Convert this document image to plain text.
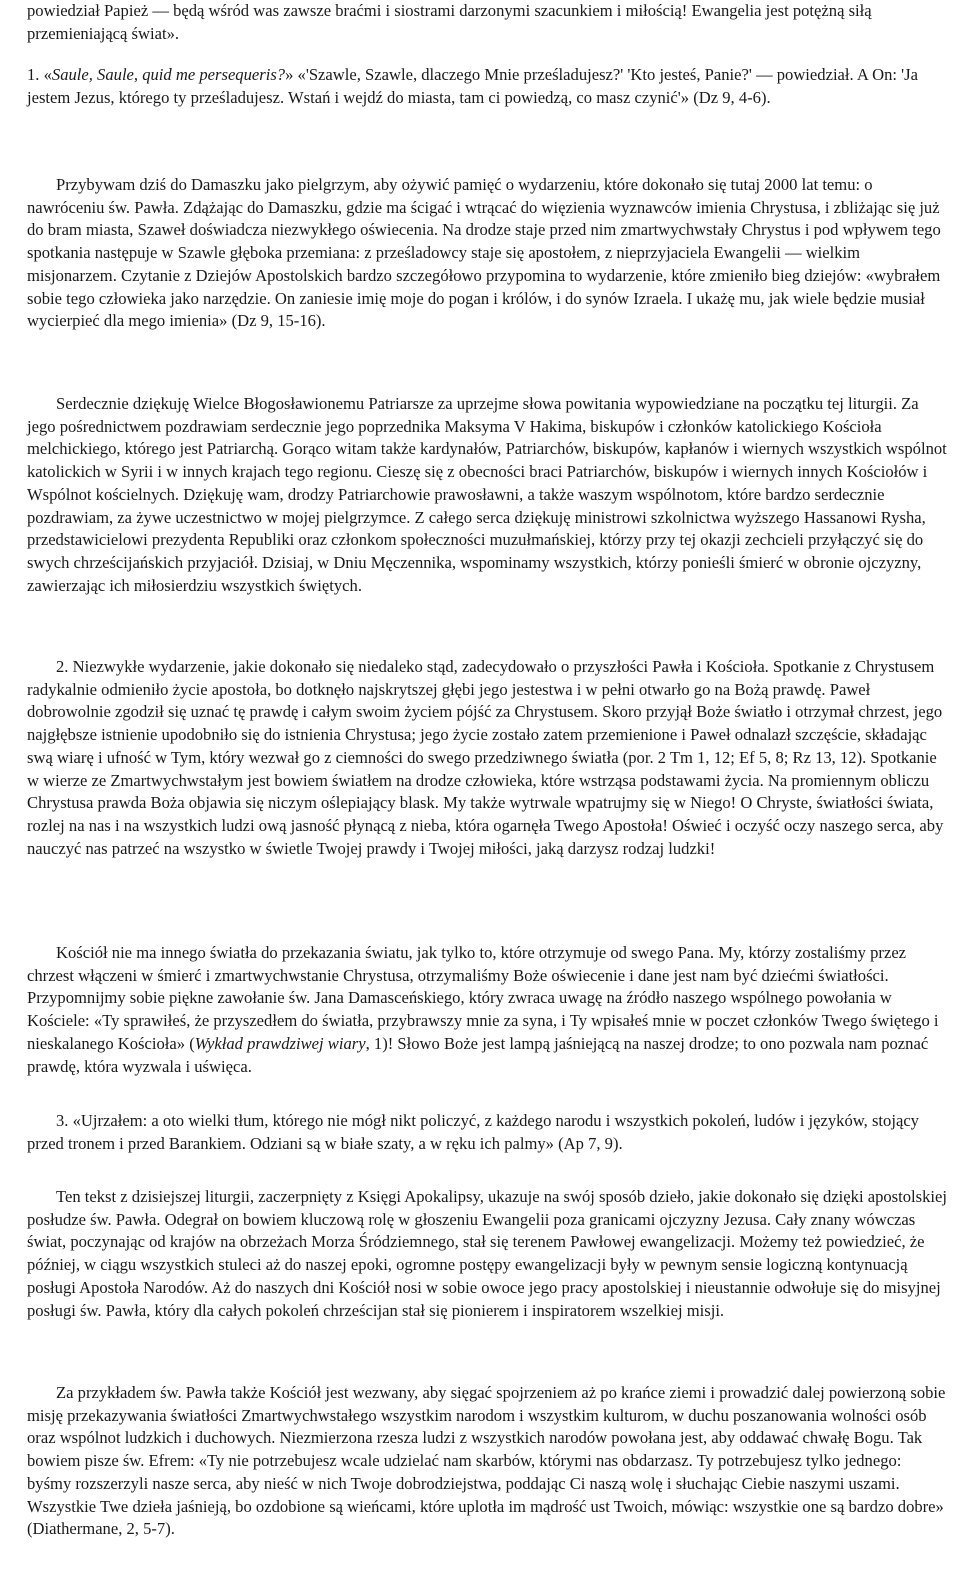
powiedział Papież — będą wśród was zawsze braćmi i siostrami darzonymi szacunkiem i miłością! Ewangelia jest potężną siłą przemieniającą świat».

1. «Saule, Saule, quid me persequeris?» «'Szawle, Szawle, dlaczego Mnie prześladujesz?' 'Kto jesteś, Panie?' — powiedział. A On: 'Ja jestem Jezus, którego ty prześladujesz. Wstań i wejdź do miasta, tam ci powiedzą, co masz czynić'» (Dz 9, 4-6).

Przybywam dziś do Damaszku jako pielgrzym, aby ożywić pamięć o wydarzeniu, które dokonało się tutaj 2000 lat temu: o nawróceniu św. Pawła. Zdążając do Damaszku, gdzie ma ścigać i wtrącać do więzienia wyznawców imienia Chrystusa, i zbliżając się już do bram miasta, Szaweł doświadcza niezwykłego oświecenia. Na drodze staje przed nim zmartwychwstały Chrystus i pod wpływem tego spotkania następuje w Szawle głęboka przemiana: z prześladowcy staje się apostołem, z nieprzyjaciela Ewangelii — wielkim misjonarzem. Czytanie z Dziejów Apostolskich bardzo szczegółowo przypomina to wydarzenie, które zmieniło bieg dziejów: «wybrałem sobie tego człowieka jako narzędzie. On zaniesie imię moje do pogan i królów, i do synów Izraela. I ukażę mu, jak wiele będzie musiał wycierpieć dla mego imienia» (Dz 9, 15-16).

Serdecznie dziękuję Wielce Błogosławionemu Patriarsze za uprzejme słowa powitania wypowiedziane na początku tej liturgii. Za jego pośrednictwem pozdrawiam serdecznie jego poprzednika Maksyma V Hakima, biskupów i członków katolickiego Kościoła melchickiego, którego jest Patriarchą. Gorąco witam także kardynałów, Patriarchów, biskupów, kapłanów i wiernych wszystkich wspólnot katolickich w Syrii i w innych krajach tego regionu. Cieszę się z obecności braci Patriarchów, biskupów i wiernych innych Kościołów i Wspólnot kościelnych. Dziękuję wam, drodzy Patriarchowie prawosławni, a także waszym wspólnotom, które bardzo serdecznie pozdrawiam, za żywe uczestnictwo w mojej pielgrzymce. Z całego serca dziękuję ministrowi szkolnictwa wyższego Hassanowi Rysha, przedstawicielowi prezydenta Republiki oraz członkom społeczności muzułmańskiej, którzy przy tej okazji zechcieli przyłączyć się do swych chrześcijańskich przyjaciół. Dzisiaj, w Dniu Męczennika, wspominamy wszystkich, którzy ponieśli śmierć w obronie ojczyzny, zawierzając ich miłosierdziu wszystkich świętych.

2. Niezwykłe wydarzenie, jakie dokonało się niedaleko stąd, zadecydowało o przyszłości Pawła i Kościoła. Spotkanie z Chrystusem radykalnie odmieniło życie apostoła, bo dotknęło najskrytszej głębi jego jestestwa i w pełni otwarło go na Bożą prawdę. Paweł dobrowolnie zgodził się uznać tę prawdę i całym swoim życiem pójść za Chrystusem. Skoro przyjął Boże światło i otrzymał chrzest, jego najgłębsze istnienie upodobniło się do istnienia Chrystusa; jego życie zostało zatem przemienione i Paweł odnalazł szczęście, składając swą wiarę i ufność w Tym, który wezwał go z ciemności do swego przedziwnego światła (por. 2 Tm 1, 12; Ef 5, 8; Rz 13, 12). Spotkanie w wierze ze Zmartwychwstałym jest bowiem światłem na drodze człowieka, które wstrząsa podstawami życia. Na promiennym obliczu Chrystusa prawda Boża objawia się niczym oślepiający blask. My także wytrwale wpatrujmy się w Niego! O Chryste, światłości świata, rozlej na nas i na wszystkich ludzi ową jasność płynącą z nieba, która ogarnęła Twego Apostoła! Oświeć i oczyść oczy naszego serca, aby nauczyć nas patrzeć na wszystko w świetle Twojej prawdy i Twojej miłości, jaką darzysz rodzaj ludzki!

Kościół nie ma innego światła do przekazania światu, jak tylko to, które otrzymuje od swego Pana. My, którzy zostaliśmy przez chrzest włączeni w śmierć i zmartwychwstanie Chrystusa, otrzymaliśmy Boże oświecenie i dane jest nam być dziećmi światłości. Przypomnijmy sobie piękne zawołanie św. Jana Damasceńskiego, który zwraca uwagę na źródło naszego wspólnego powołania w Kościele: «Ty sprawiłeś, że przyszedłem do światła, przybrawszy mnie za syna, i Ty wpisałeś mnie w poczet członków Twego świętego i nieskalanego Kościoła» (Wykład prawdziwej wiary, 1)! Słowo Boże jest lampą jaśniejącą na naszej drodze; to ono pozwala nam poznać prawdę, która wyzwala i uświęca.

3. «Ujrzałem: a oto wielki tłum, którego nie mógł nikt policzyć, z każdego narodu i wszystkich pokoleń, ludów i języków, stojący przed tronem i przed Barankiem. Odziani są w białe szaty, a w ręku ich palmy» (Ap 7, 9).

Ten tekst z dzisiejszej liturgii, zaczerpnięty z Księgi Apokalipsy, ukazuje na swój sposób dzieło, jakie dokonało się dzięki apostolskiej posłudze św. Pawła. Odegrał on bowiem kluczową rolę w głoszeniu Ewangelii poza granicami ojczyzny Jezusa. Cały znany wówczas świat, poczynając od krajów na obrzeżach Morza Śródziemnego, stał się terenem Pawłowej ewangelizacji. Możemy też powiedzieć, że później, w ciągu wszystkich stuleci aż do naszej epoki, ogromne postępy ewangelizacji były w pewnym sensie logiczną kontynuacją posługi Apostoła Narodów. Aż do naszych dni Kościół nosi w sobie owoce jego pracy apostolskiej i nieustannie odwołuje się do misyjnej posługi św. Pawła, który dla całych pokoleń chrześcijan stał się pionierem i inspiratorem wszelkiej misji.

Za przykładem św. Pawła także Kościół jest wezwany, aby sięgać spojrzeniem aż po krańce ziemi i prowadzić dalej powierzoną sobie misję przekazywania światłości Zmartwychwstałego wszystkim narodom i wszystkim kulturom, w duchu poszanowania wolności osób oraz wspólnot ludzkich i duchowych. Niezmierzona rzesza ludzi z wszystkich narodów powołana jest, aby oddawać chwałę Bogu. Tak bowiem pisze św. Efrem: «Ty nie potrzebujesz wcale udzielać nam skarbów, którymi nas obdarzasz. Ty potrzebujesz tylko jednego: byśmy rozszerzyli nasze serca, aby nieść w nich Twoje dobrodziejstwa, poddając Ci naszą wolę i słuchając Ciebie naszymi uszami. Wszystkie Twe dzieła jaśnieją, bo ozdobione są wieńcami, które uplotła im mądrość ust Twoich, mówiąc: wszystkie one są bardzo dobre» (Diathermane, 2, 5-7).
